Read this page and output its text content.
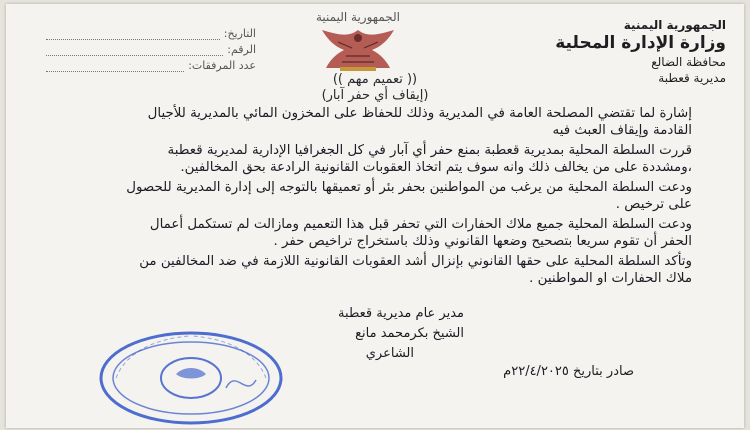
الجمهورية اليمنية
وزارة الإدارة المحلية
محافظة الضالع
مديرية قعطبة
الجمهورية اليمنية
التاريخ:
الرقم:
عدد المرفقات:
(( تعميم مهم ))
(إيقاف أي حفر آبار)

إشارة لما تقتضي المصلحة العامة في المديرية وذلك للحفاظ على المخزون المائي بالمديرية للأجيال القادمة وإيقاف العبث فيه

قررت السلطة المحلية بمديرية قعطبة بمنع حفر أي آبار في كل الجغرافيا الإدارية لمديرية قعطبة ،ومشددة على من يخالف ذلك وانه سوف يتم اتخاذ العقوبات القانونية الرادعة بحق المخالفين.

ودعت السلطة المحلية من يرغب من المواطنين بحفر بئر أو تعميقها بالتوجه إلى إدارة المديرية للحصول على ترخيص .

ودعت السلطة المحلية جميع ملاك الحفارات التي تحفر قبل هذا التعميم ومازالت لم تستكمل أعمال الحفر أن تقوم سريعا بتصحيح وضعها القانوني وذلك باستخراج تراخيص حفر .

وتأكد السلطة المحلية على حقها القانوني بإنزال أشد العقوبات القانونية اللازمة في ضد المخالفين من ملاك الحفارات او المواطنين .

مدير عام مديرية قعطبة
الشيخ بكرمحمد مانع
الشاعري
صادر بتاريخ ٢٢/٤/٢٠٢٥م
